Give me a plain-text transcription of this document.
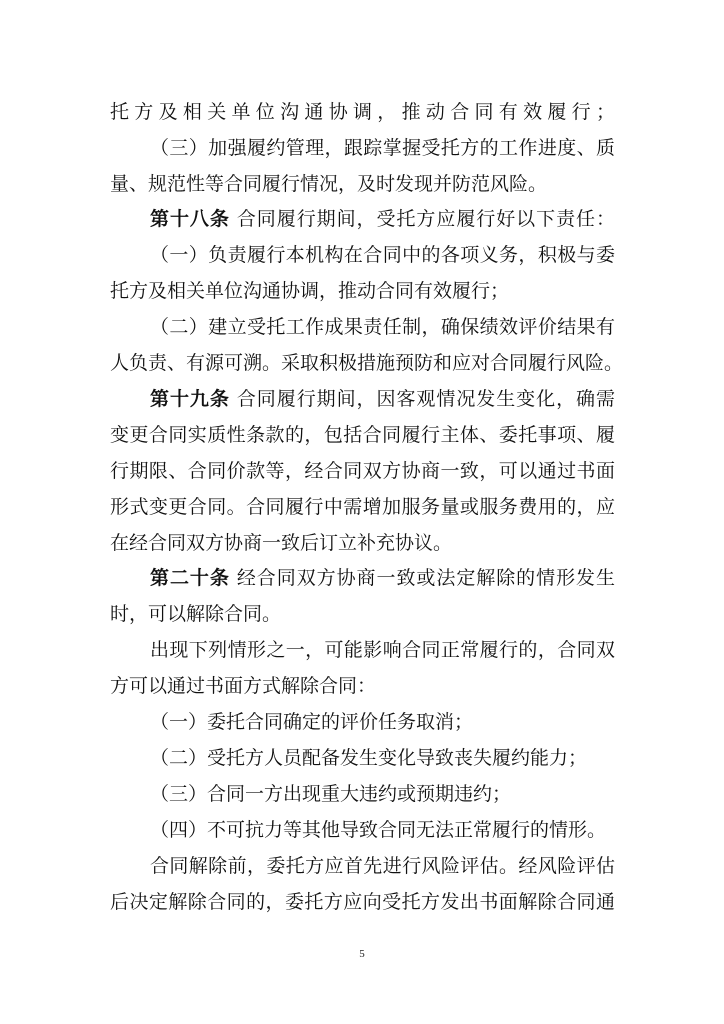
托方及相关单位沟通协调，推动合同有效履行；
（三）加强履约管理，跟踪掌握受托方的工作进度、质
量、规范性等合同履行情况，及时发现并防范风险。
第十八条 合同履行期间，受托方应履行好以下责任：
（一）负责履行本机构在合同中的各项义务，积极与委
托方及相关单位沟通协调，推动合同有效履行；
（二）建立受托工作成果责任制，确保绩效评价结果有
人负责、有源可溯。采取积极措施预防和应对合同履行风险。
第十九条 合同履行期间，因客观情况发生变化，确需
变更合同实质性条款的，包括合同履行主体、委托事项、履
行期限、合同价款等，经合同双方协商一致，可以通过书面
形式变更合同。合同履行中需增加服务量或服务费用的，应
在经合同双方协商一致后订立补充协议。
第二十条 经合同双方协商一致或法定解除的情形发生
时，可以解除合同。
出现下列情形之一，可能影响合同正常履行的，合同双
方可以通过书面方式解除合同：
（一）委托合同确定的评价任务取消；
（二）受托方人员配备发生变化导致丧失履约能力；
（三）合同一方出现重大违约或预期违约；
（四）不可抗力等其他导致合同无法正常履行的情形。
合同解除前，委托方应首先进行风险评估。经风险评估
后决定解除合同的，委托方应向受托方发出书面解除合同通
5
